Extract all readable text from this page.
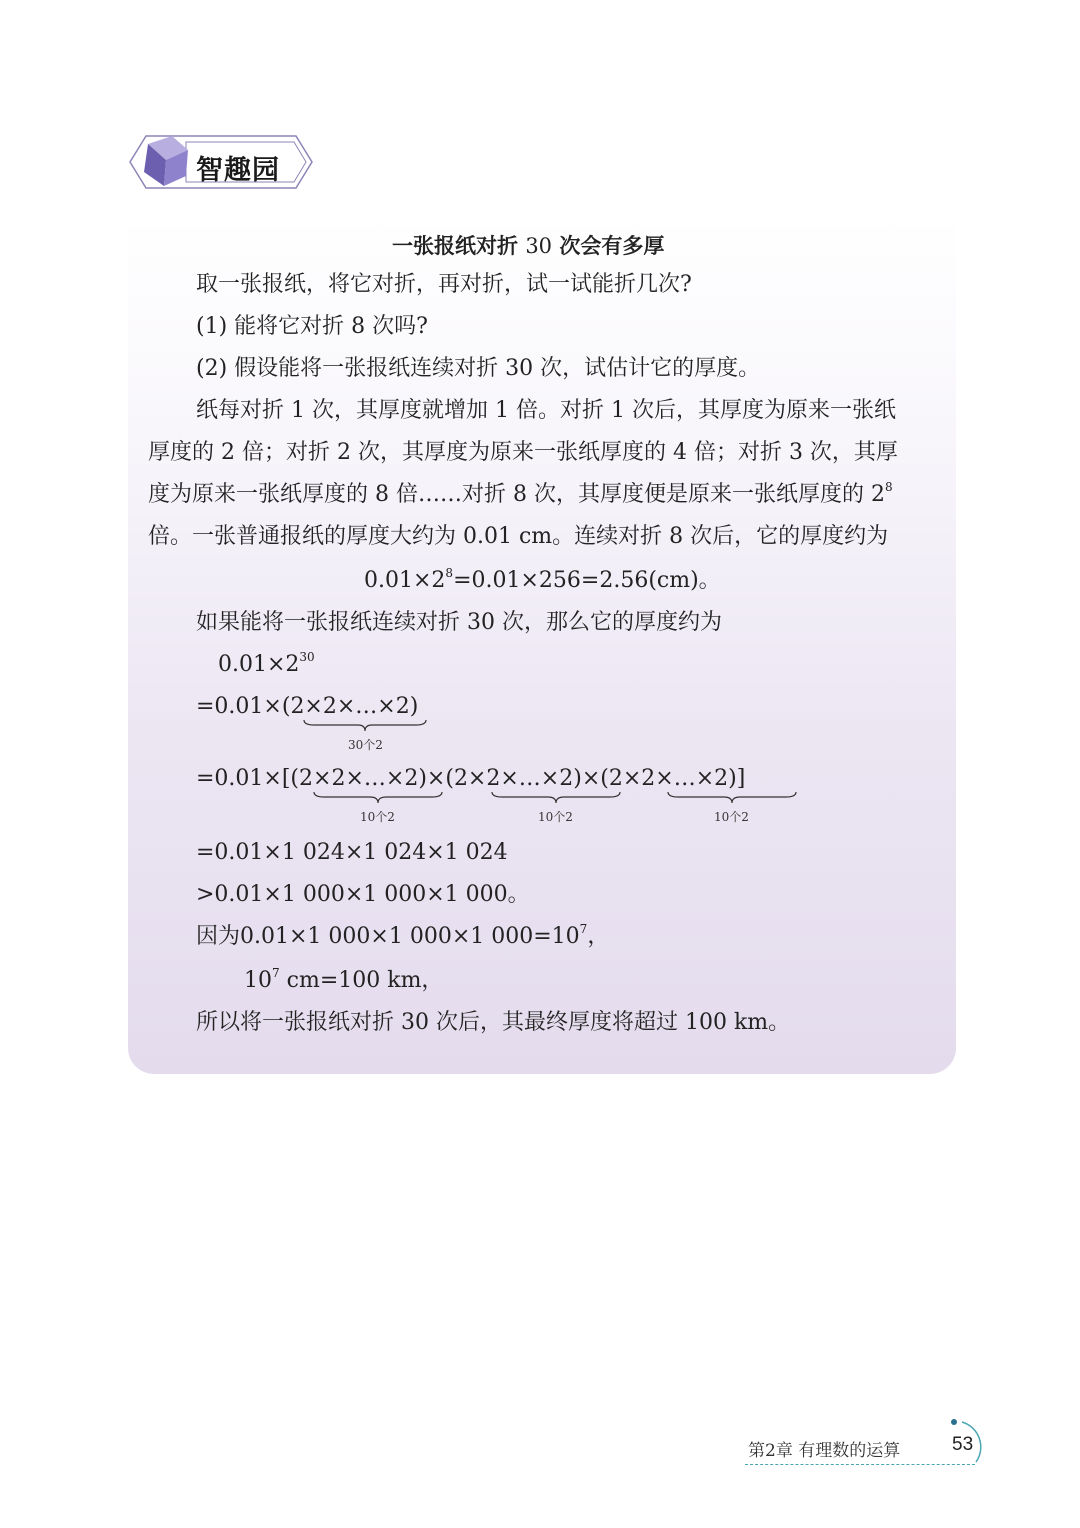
智趣园
一张报纸对折 30 次会有多厚
取一张报纸，将它对折，再对折，试一试能折几次?
(1) 能将它对折 8 次吗?
(2) 假设能将一张报纸连续对折 30 次，试估计它的厚度。
纸每对折 1 次，其厚度就增加 1 倍。对折 1 次后，其厚度为原来一张纸
厚度的 2 倍；对折 2 次，其厚度为原来一张纸厚度的 4 倍；对折 3 次，其厚
度为原来一张纸厚度的 8 倍……对折 8 次，其厚度便是原来一张纸厚度的 $2^8$
倍。一张普通报纸的厚度大约为 0.01 cm。连续对折 8 次后，它的厚度约为
$0.01\times 2^8=0.01\times 256=2.56(cm)$。
如果能将一张报纸连续对折 30 次，那么它的厚度约为
$0.01\times 2^{30}$
=0.01×(2×2×…×2)
30个2
=0.01×[(2×2×…×2)×(2×2×…×2)×(2×2×…×2)]
10个2	10个2	10个2
=0.01×1 024×1 024×1 024
>0.01×1 000×1 000×1 000。
因为0.01×1 000×1 000×1 $000=10^7$，
$10^7$ cm=100 km，
所以将一张报纸对折 30 次后，其最终厚度将超过 100 km。
第2章 有理数的运算	53
